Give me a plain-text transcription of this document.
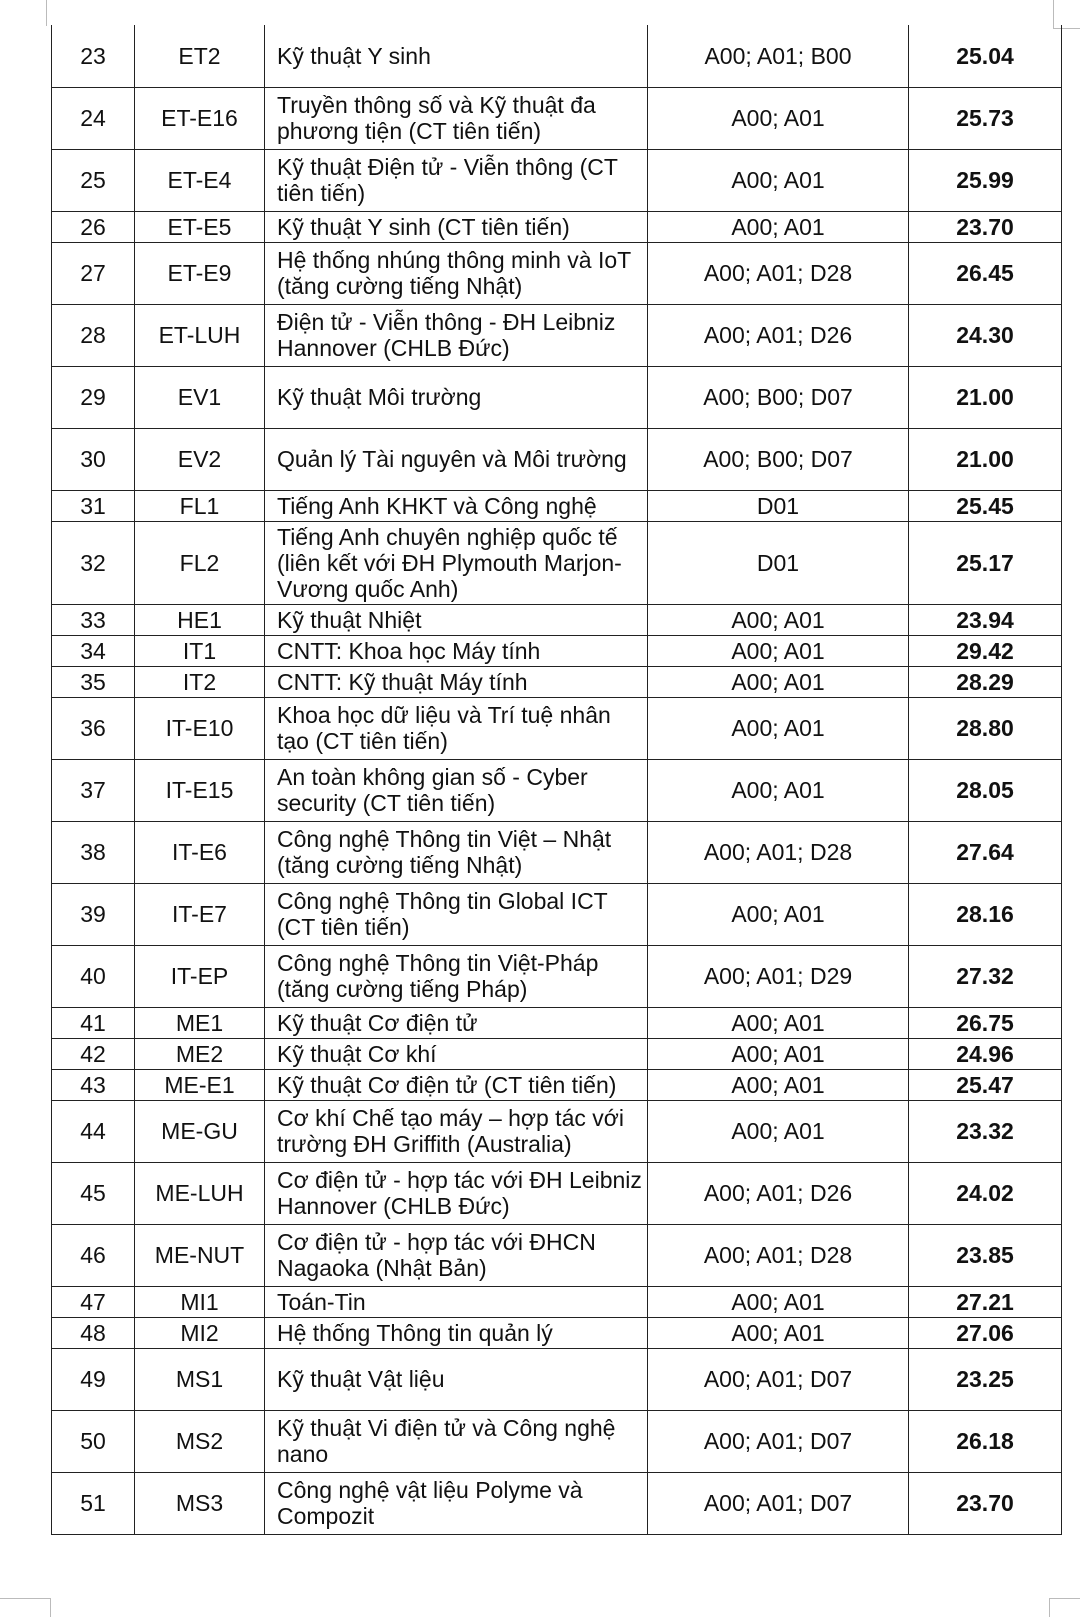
23	ET2	Kỹ thuật Y sinh	A00; A01; B00	25.04
24	ET-E16	Truyền thông số và Kỹ thuật đa phương tiện (CT tiên tiến)	A00; A01	25.73
25	ET-E4	Kỹ thuật Điện tử - Viễn thông (CT tiên tiến)	A00; A01	25.99
26	ET-E5	Kỹ thuật Y sinh (CT tiên tiến)	A00; A01	23.70
27	ET-E9	Hệ thống nhúng thông minh và IoT (tăng cường tiếng Nhật)	A00; A01; D28	26.45
28	ET-LUH	Điện tử - Viễn thông - ĐH Leibniz Hannover (CHLB Đức)	A00; A01; D26	24.30
29	EV1	Kỹ thuật Môi trường	A00; B00; D07	21.00
30	EV2	Quản lý Tài nguyên và Môi trường	A00; B00; D07	21.00
31	FL1	Tiếng Anh KHKT và Công nghệ	D01	25.45
32	FL2	Tiếng Anh chuyên nghiệp quốc tế (liên kết với ĐH Plymouth Marjon-Vương quốc Anh)	D01	25.17
33	HE1	Kỹ thuật Nhiệt	A00; A01	23.94
34	IT1	CNTT: Khoa học Máy tính	A00; A01	29.42
35	IT2	CNTT: Kỹ thuật Máy tính	A00; A01	28.29
36	IT-E10	Khoa học dữ liệu và Trí tuệ nhân tạo (CT tiên tiến)	A00; A01	28.80
37	IT-E15	An toàn không gian số - Cyber security (CT tiên tiến)	A00; A01	28.05
38	IT-E6	Công nghệ Thông tin Việt – Nhật (tăng cường tiếng Nhật)	A00; A01; D28	27.64
39	IT-E7	Công nghệ Thông tin Global ICT (CT tiên tiến)	A00; A01	28.16
40	IT-EP	Công nghệ Thông tin Việt-Pháp (tăng cường tiếng Pháp)	A00; A01; D29	27.32
41	ME1	Kỹ thuật Cơ điện tử	A00; A01	26.75
42	ME2	Kỹ thuật Cơ khí	A00; A01	24.96
43	ME-E1	Kỹ thuật Cơ điện tử (CT tiên tiến)	A00; A01	25.47
44	ME-GU	Cơ khí Chế tạo máy – hợp tác với trường ĐH Griffith (Australia)	A00; A01	23.32
45	ME-LUH	Cơ điện tử - hợp tác với ĐH Leibniz Hannover (CHLB Đức)	A00; A01; D26	24.02
46	ME-NUT	Cơ điện tử - hợp tác với ĐHCN Nagaoka (Nhật Bản)	A00; A01; D28	23.85
47	MI1	Toán-Tin	A00; A01	27.21
48	MI2	Hệ thống Thông tin quản lý	A00; A01	27.06
49	MS1	Kỹ thuật Vật liệu	A00; A01; D07	23.25
50	MS2	Kỹ thuật Vi điện tử và Công nghệ nano	A00; A01; D07	26.18
51	MS3	Công nghệ vật liệu Polyme và Compozit	A00; A01; D07	23.70
